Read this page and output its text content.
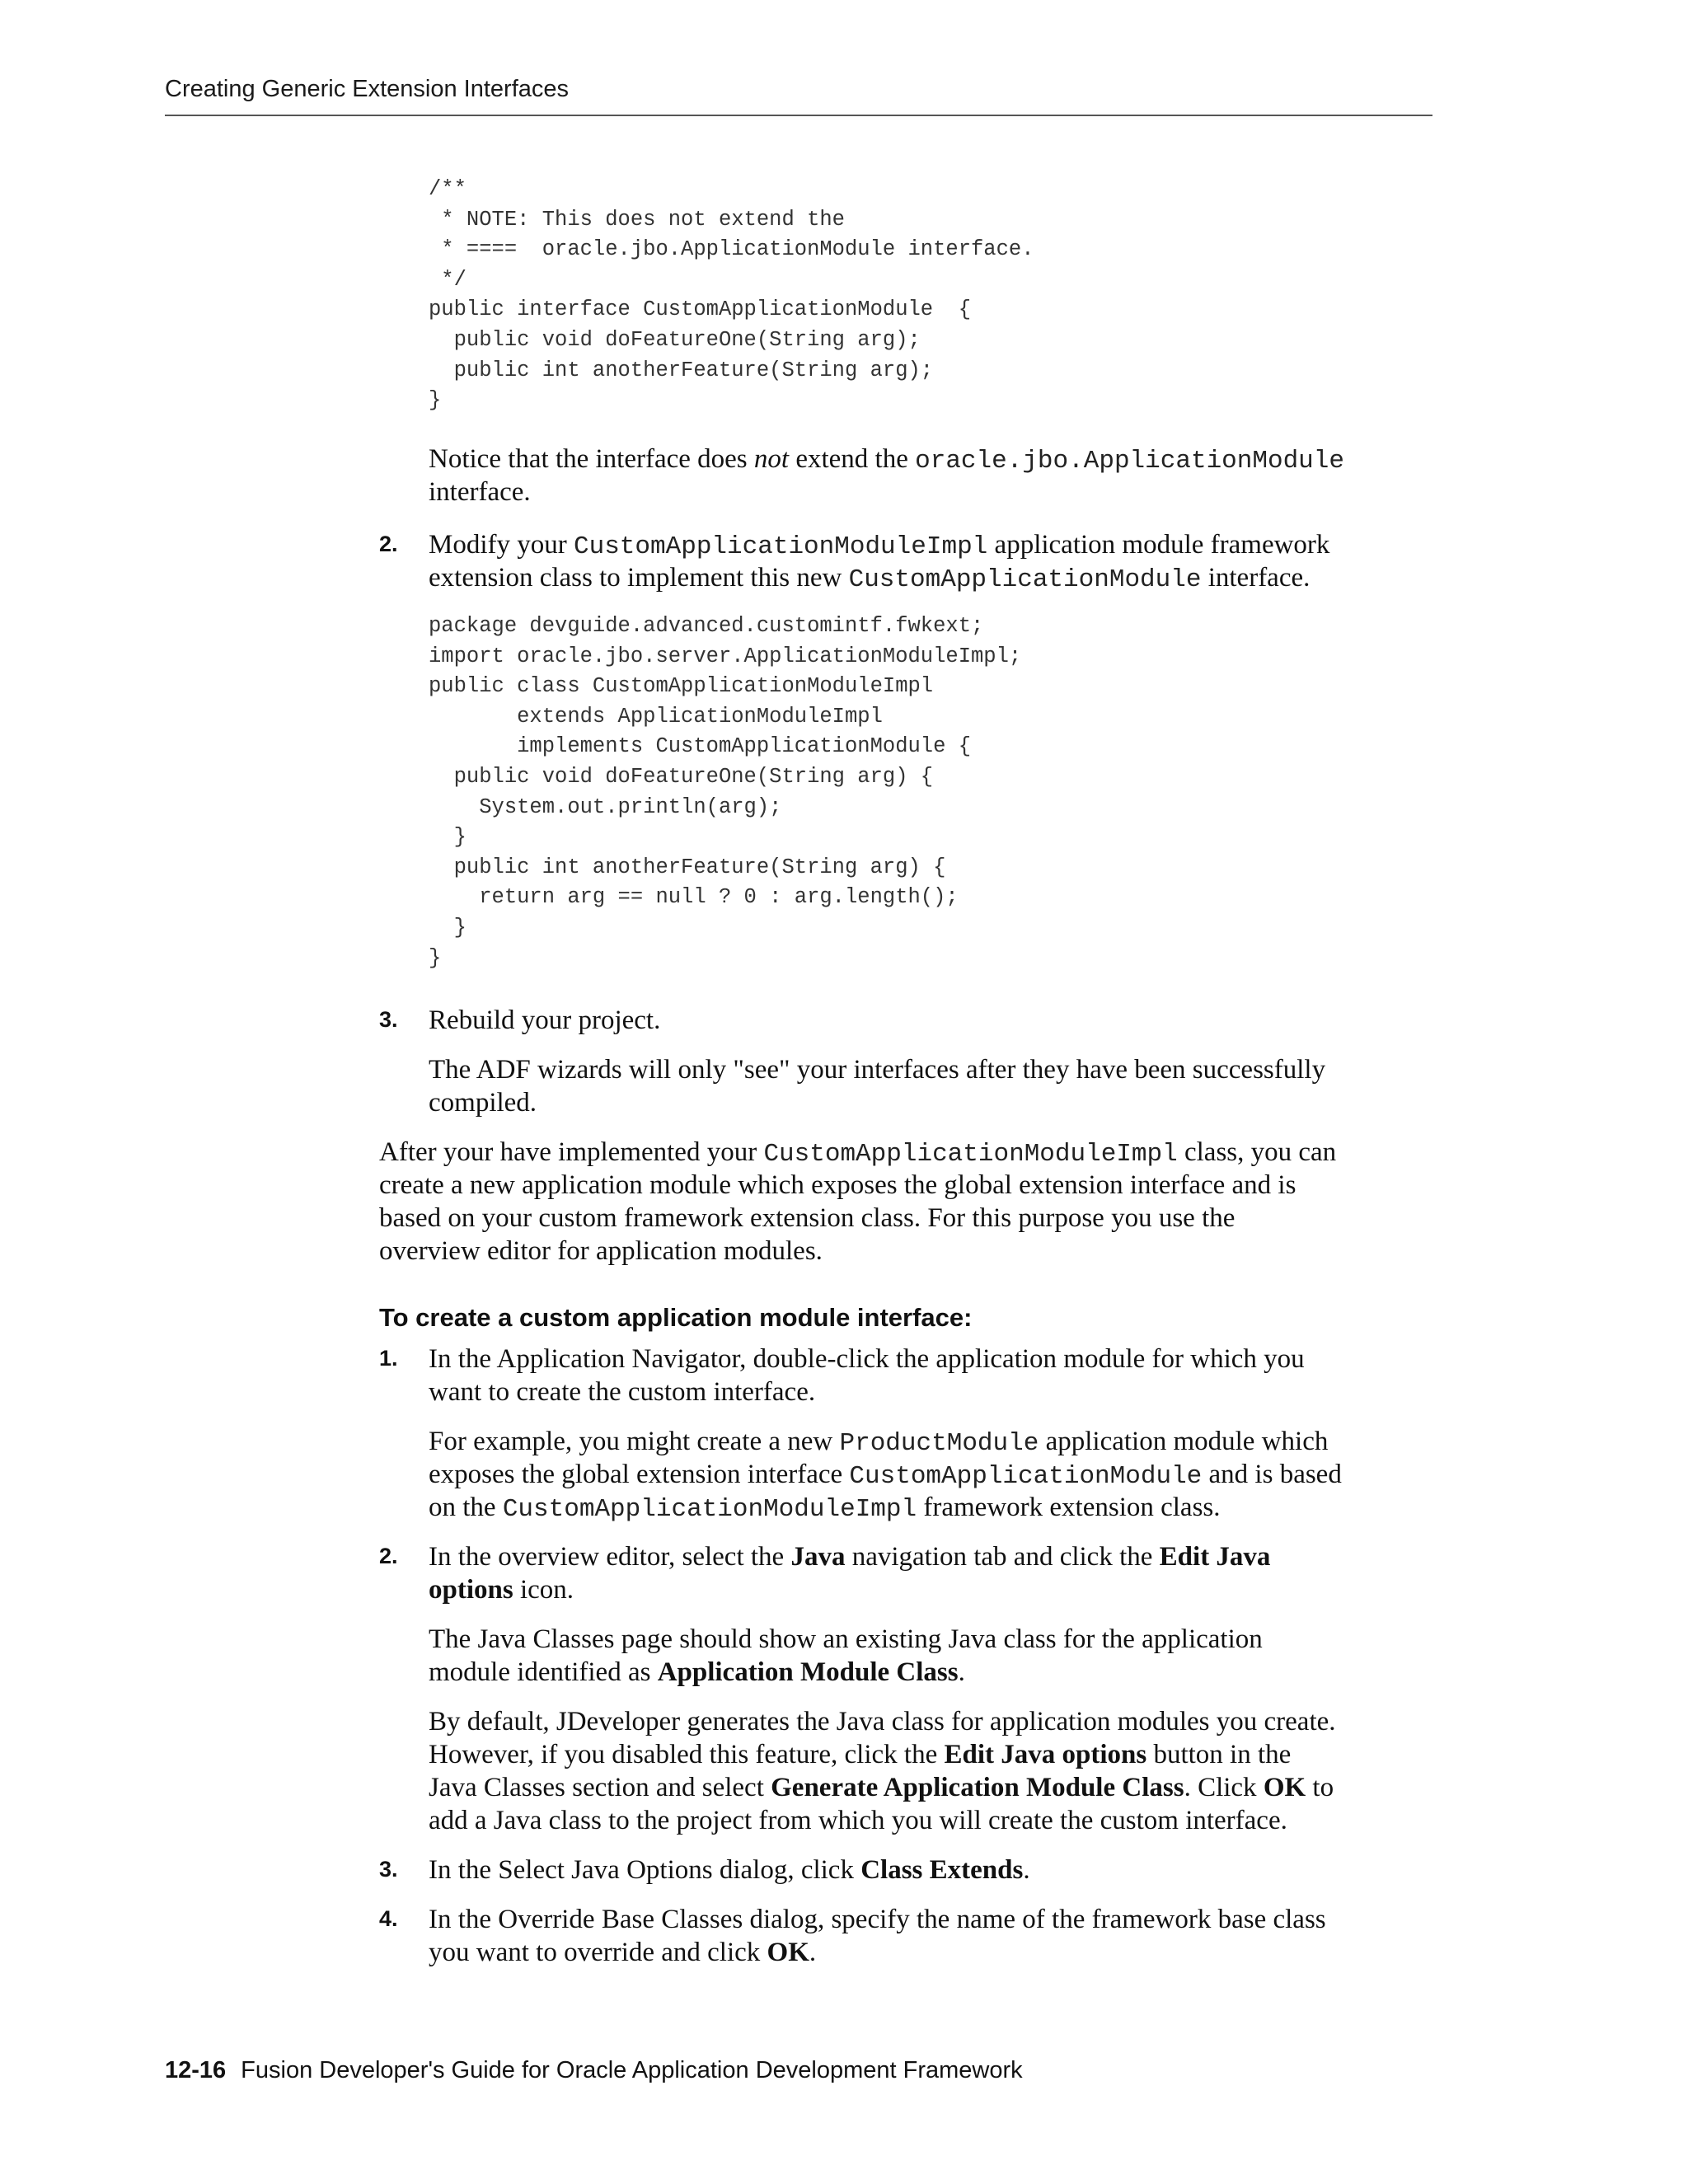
Creating Generic Extension Interfaces
/**
* NOTE: This does not extend the
* ====  oracle.jbo.ApplicationModule interface.
*/
public interface CustomApplicationModule  {
public void doFeatureOne(String arg);
public int anotherFeature(String arg);
}

Notice that the interface does not extend the oracle.jbo.ApplicationModule

interface.

2. Modify your CustomApplicationModuleImpl application module framework

extension class to implement this new CustomApplicationModule interface.

package devguide.advanced.customintf.fwkext;
import oracle.jbo.server.ApplicationModuleImpl;
public class CustomApplicationModuleImpl
extends ApplicationModuleImpl
implements CustomApplicationModule {
public void doFeatureOne(String arg) {
System.out.println(arg);
}
public int anotherFeature(String arg) {
return arg == null ? 0 : arg.length();
}
}
3. Rebuild your project.

The ADF wizards will only "see" your interfaces after they have been successfully

compiled.

After your have implemented your CustomApplicationModuleImpl class, you can

create a new application module which exposes the global extension interface and is

based on your custom framework extension class. For this purpose you use the

overview editor for application modules.

To create a custom application module interface:
1. In the Application Navigator, double-click the application module for which you

want to create the custom interface.

For example, you might create a new ProductModule application module which

exposes the global extension interface CustomApplicationModule and is based

on the CustomApplicationModuleImpl framework extension class.

2. In the overview editor, select the Java navigation tab and click the Edit Java

options icon.

The Java Classes page should show an existing Java class for the application

module identified as Application Module Class.

By default, JDeveloper generates the Java class for application modules you create.

However, if you disabled this feature, click the Edit Java options button in the

Java Classes section and select Generate Application Module Class. Click OK to

add a Java class to the project from which you will create the custom interface.

3. In the Select Java Options dialog, click Class Extends.

4. In the Override Base Classes dialog, specify the name of the framework base class

you want to override and click OK.

12-16 Fusion Developer's Guide for Oracle Application Development Framework
